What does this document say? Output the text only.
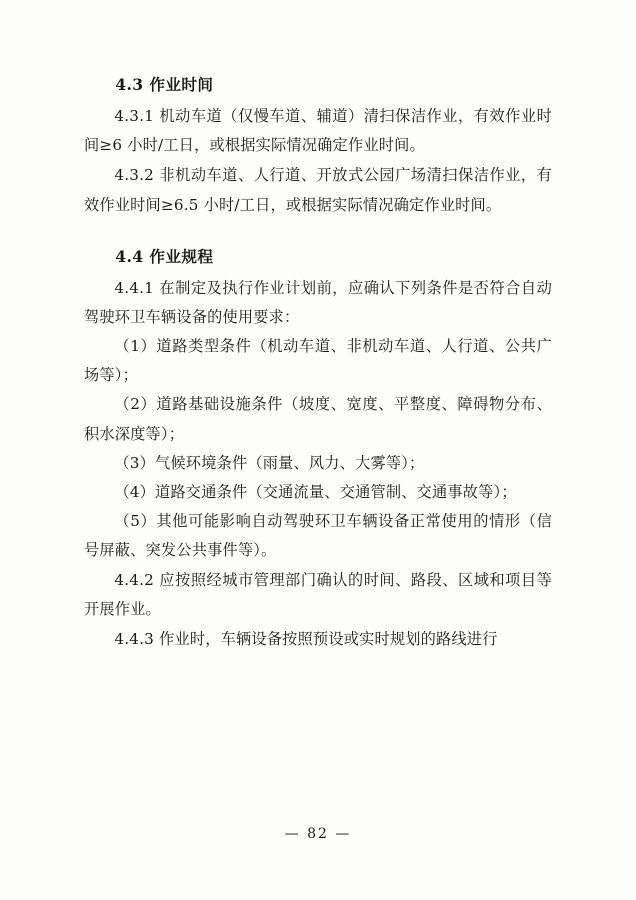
4.3 作业时间

4.3.1 机动车道（仅慢车道、辅道）清扫保洁作业，有效作业时间≥6 小时/工日，或根据实际情况确定作业时间。

4.3.2 非机动车道、人行道、开放式公园广场清扫保洁作业，有效作业时间≥6.5 小时/工日，或根据实际情况确定作业时间。

4.4 作业规程

4.4.1 在制定及执行作业计划前，应确认下列条件是否符合自动驾驶环卫车辆设备的使用要求：

（1）道路类型条件（机动车道、非机动车道、人行道、公共广场等）；

（2）道路基础设施条件（坡度、宽度、平整度、障碍物分布、积水深度等）；

（3）气候环境条件（雨量、风力、大雾等）；

（4）道路交通条件（交通流量、交通管制、交通事故等）；

（5）其他可能影响自动驾驶环卫车辆设备正常使用的情形（信号屏蔽、突发公共事件等）。

4.4.2 应按照经城市管理部门确认的时间、路段、区域和项目等开展作业。

4.4.3 作业时，车辆设备按照预设或实时规划的路线进行

— 82 —
